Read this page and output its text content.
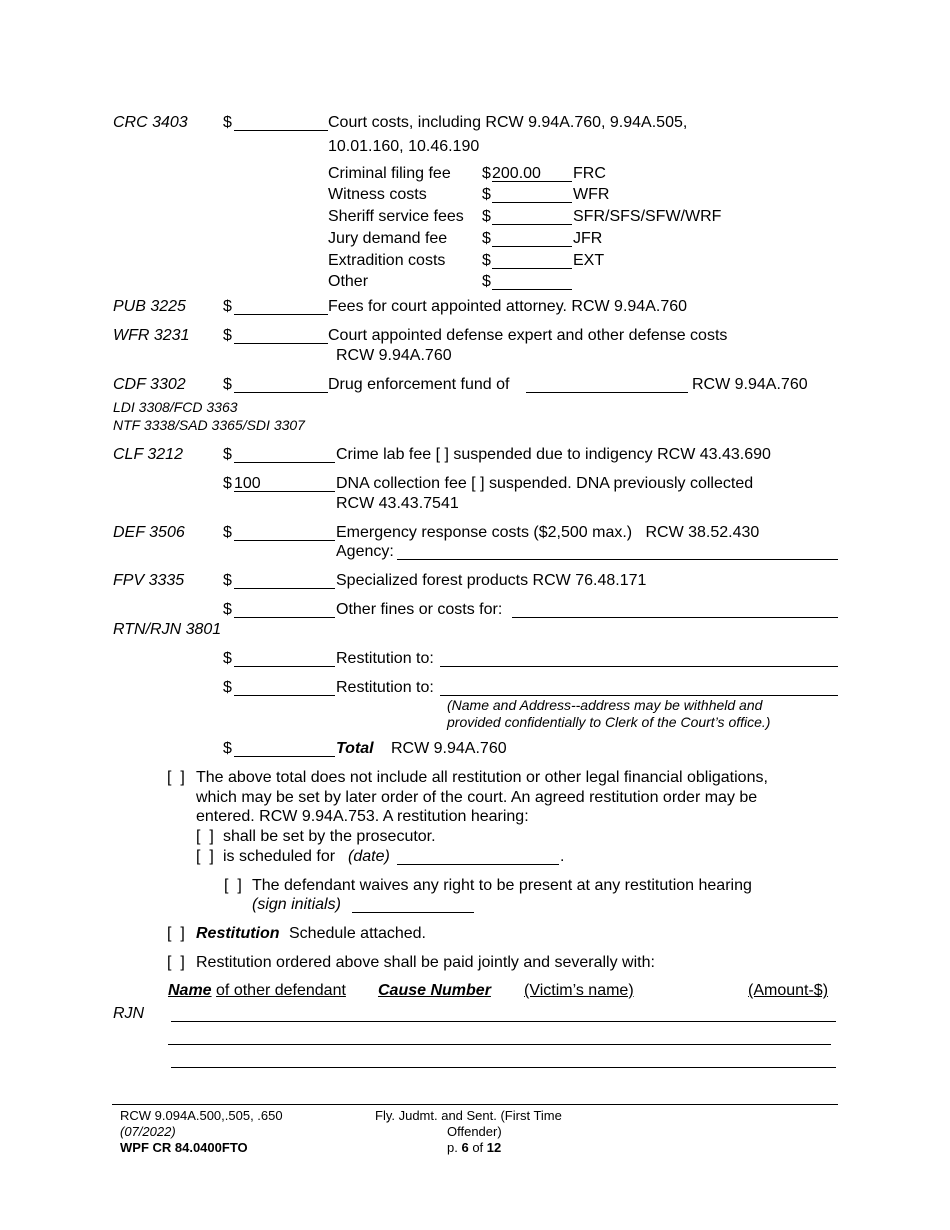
CRC 3403 $	Court costs, including RCW 9.94A.760, 9.94A.505,
10.01.160, 10.46.190
Criminal filing fee $ 200.00 FRC
Witness costs	$	WFR
Sheriff service fees $	SFR/SFS/SFW/WRF
Jury demand fee $	JFR
Extradition costs $	EXT
Other	$
PUB 3225 $	Fees for court appointed attorney. RCW 9.94A.760
WFR 3231 $	Court appointed defense expert and other defense costs
RCW 9.94A.760
CDF 3302 $	Drug enforcement fund of	RCW 9.94A.760
LDI 3308/FCD 3363
NTF 3338/SAD 3365/SDI 3307
CLF 3212	$	Crime lab fee [ ] suspended due to indigency RCW 43.43.690
$ 100	DNA collection fee [ ] suspended. DNA previously collected
RCW 43.43.7541
DEF 3506 $	Emergency response costs ($2,500 max.)   RCW 38.52.430
Agency:
FPV 3335 $	Specialized forest products RCW 76.48.171
$	Other fines or costs for:
RTN/RJN 3801
$	Restitution to:
$	Restitution to:
(Name and Address--address may be withheld and
provided confidentially to Clerk of the Court’s office.)
$	Total RCW 9.94A.760
[  ] The above total does not include all restitution or other legal financial obligations,
which may be set by later order of the court. An agreed restitution order may be
entered. RCW 9.94A.753. A restitution hearing:
[  ] shall be set by the prosecutor.
[  ] is scheduled for (date)	.
[  ] The defendant waives any right to be present at any restitution hearing
(sign initials)
[  ] Restitution Schedule attached.
[  ] Restitution ordered above shall be paid jointly and severally with:
Name of other defendant Cause Number (Victim’s name)	(Amount-$)
RJN
RCW 9.094A.500,.505, .650
(07/2022)
WPF CR 84.0400FTO
Fly. Judmt. and Sent. (First Time
Offender)
p. 6 of 12
